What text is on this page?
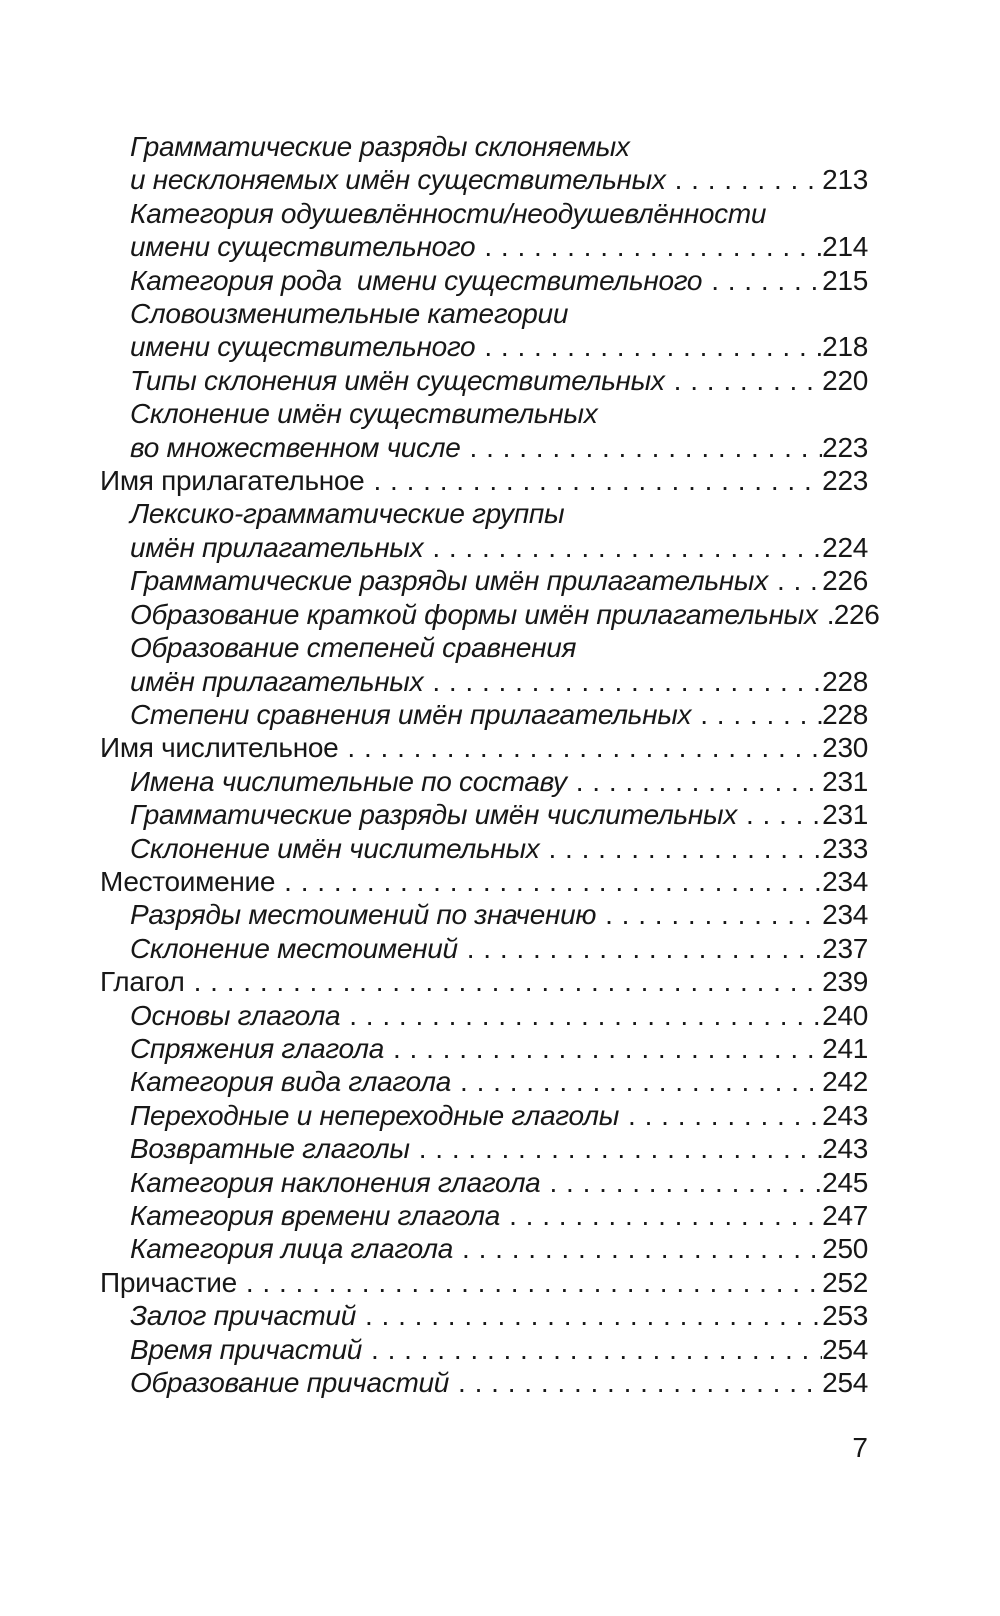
Грамматические разряды склоняемых
и несклоняемых имён существительных . . .	213
Категория одушевлённости/неодушевлённости
имени существительного . . .	214
Категория рода  имени существительного . . .	215
Словоизменительные категории
имени существительного . . .	218
Типы склонения имён существительных . . .	220
Склонение имён существительных
во множественном числе . . .	223
Имя прилагательное . . .	223
Лексико-грамматические группы
имён прилагательных . . .	224
Грамматические разряды имён прилагательных . . . 226
Образование краткой формы имён прилагательных . . . 226
Образование степеней сравнения
имён прилагательных . . .	228
Степени сравнения имён прилагательных . . .	228
Имя числительное . . .	230
Имена числительные по составу . . .	231
Грамматические разряды имён числительных . . .	231
Склонение имён числительных . . .	233
Местоимение . . .	234
Разряды местоимений по значению . . .	234
Склонение местоимений . . .	237
Глагол . . .	239
Основы глагола . . .	240
Спряжения глагола . . .	241
Категория вида глагола . . .	242
Переходные и непереходные глаголы . . .	243
Возвратные глаголы . . .	243
Категория наклонения глагола . . .	245
Категория времени глагола . . .	247
Категория лица глагола . . .	250
Причастие . . .	252
Залог причастий . . .	253
Время причастий . . .	254
Образование причастий . . .	254
7
